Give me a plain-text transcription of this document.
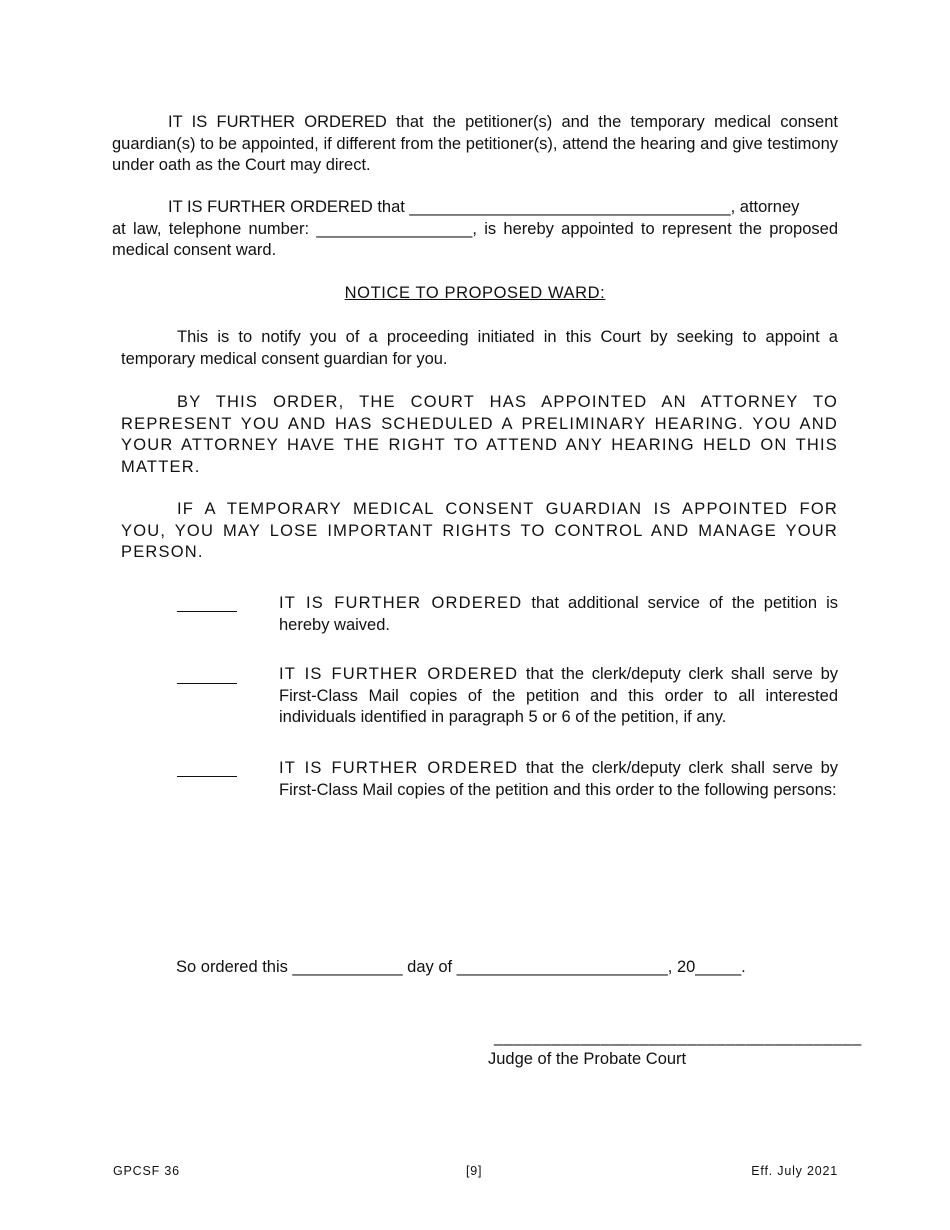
IT IS FURTHER ORDERED that the petitioner(s) and the temporary medical consent guardian(s) to be appointed, if different from the petitioner(s), attend the hearing and give testimony under oath as the Court may direct.

IT IS FURTHER ORDERED that ___________________________________, attorney
at law, telephone number: _________________, is hereby appointed to represent the proposed medical consent ward.
NOTICE TO PROPOSED WARD:

This is to notify you of a proceeding initiated in this Court by seeking to appoint a temporary medical consent guardian for you.

BY THIS ORDER, THE COURT HAS APPOINTED AN ATTORNEY TO REPRESENT YOU AND HAS SCHEDULED A PRELIMINARY HEARING. YOU AND YOUR ATTORNEY HAVE THE RIGHT TO ATTEND ANY HEARING HELD ON THIS MATTER.

IF A TEMPORARY MEDICAL CONSENT GUARDIAN IS APPOINTED FOR YOU, YOU MAY LOSE IMPORTANT RIGHTS TO CONTROL AND MANAGE YOUR PERSON.

IT IS FURTHER ORDERED that additional service of the petition is hereby waived.

IT IS FURTHER ORDERED that the clerk/deputy clerk shall serve by First-Class Mail copies of the petition and this order to all interested individuals identified in paragraph 5 or 6 of the petition, if any.

IT IS FURTHER ORDERED that the clerk/deputy clerk shall serve by First-Class Mail copies of the petition and this order to the following persons:

So ordered this ____________ day of _______________________, 20_____.
______________________________________
Judge of the Probate Court
GPCSF 36	[9]	Eff. July 2021
